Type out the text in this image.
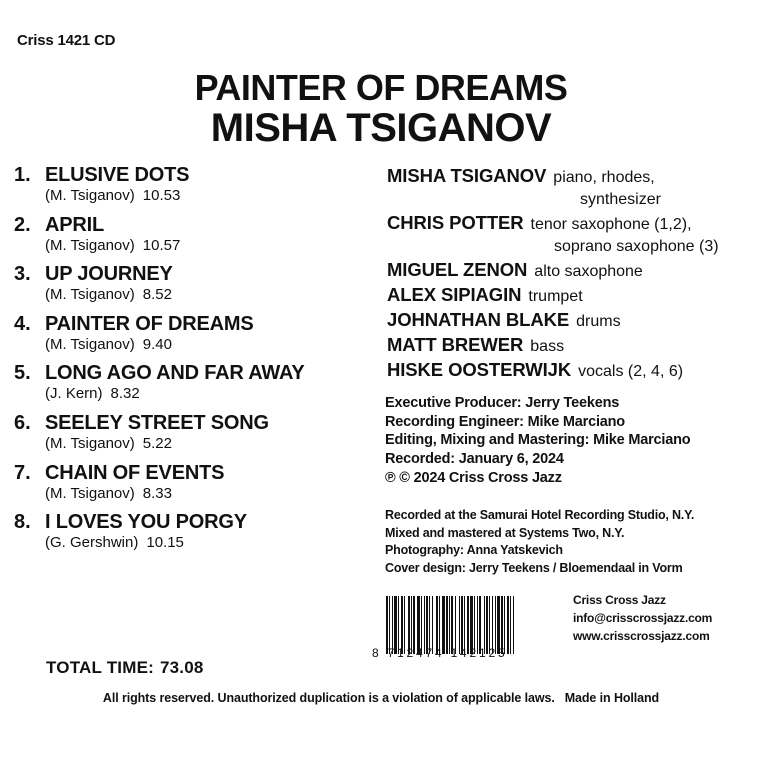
Criss 1421 CD
PAINTER OF DREAMS
MISHA TSIGANOV
1. ELUSIVE DOTS
(M. Tsiganov) 10.53
2. APRIL
(M. Tsiganov) 10.57
3. UP JOURNEY
(M. Tsiganov) 8.52
4. PAINTER OF DREAMS
(M. Tsiganov) 9.40
5. LONG AGO AND FAR AWAY
(J. Kern) 8.32
6. SEELEY STREET SONG
(M. Tsiganov) 5.22
7. CHAIN OF EVENTS
(M. Tsiganov) 8.33
8. I LOVES YOU PORGY
(G. Gershwin) 10.15
TOTAL TIME: 73.08
MISHA TSIGANOV piano, rhodes,
synthesizer
CHRIS POTTER tenor saxophone (1,2),
soprano saxophone (3)
MIGUEL ZENON alto saxophone
ALEX SIPIAGIN trumpet
JOHNATHAN BLAKE drums
MATT BREWER bass
HISKE OOSTERWIJK vocals (2, 4, 6)
Executive Producer: Jerry Teekens
Recording Engineer: Mike Marciano
Editing, Mixing and Mastering: Mike Marciano
Recorded: January 6, 2024
℗ © 2024 Criss Cross Jazz
Recorded at the Samurai Hotel Recording Studio, N.Y.
Mixed and mastered at Systems Two, N.Y.
Photography: Anna Yatskevich
Cover design: Jerry Teekens / Bloemendaal in Vorm
8 712474 142125
Criss Cross Jazz
info@crisscrossjazz.com
www.crisscrossjazz.com
All rights reserved. Unauthorized duplication is a violation of applicable laws. Made in Holland
